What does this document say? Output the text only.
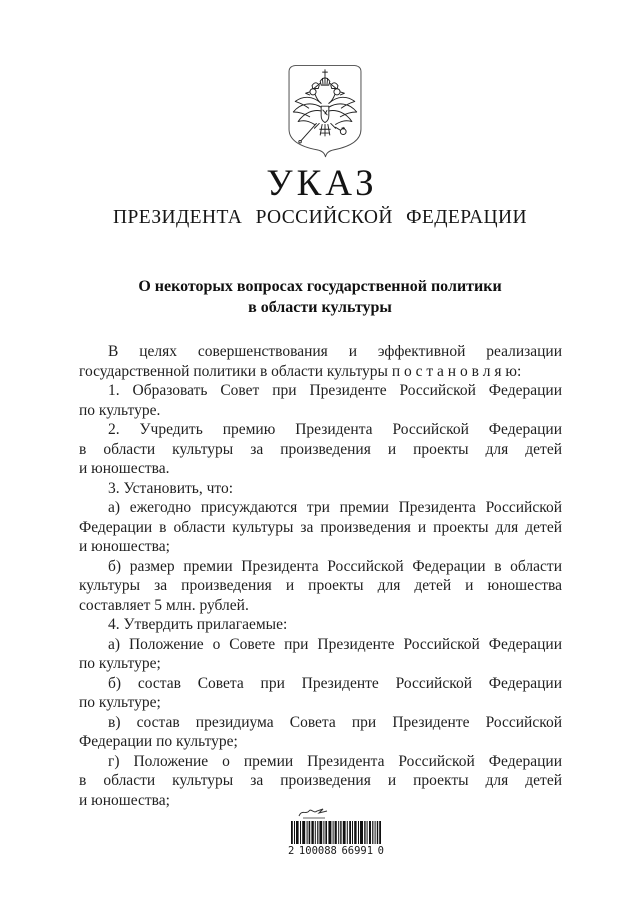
УКАЗ
ПРЕЗИДЕНТА РОССИЙСКОЙ ФЕДЕРАЦИИ
О некоторых вопросах государственной политики
в области культуры
В целях совершенствования и эффективной реализации
государственной политики в области культуры п о с т а н о в л я ю:
1. Образовать Совет при Президенте Российской Федерации
по культуре.
2. Учредить премию Президента Российской Федерации
в области культуры за произведения и проекты для детей
и юношества.
3. Установить, что:
а) ежегодно присуждаются три премии Президента Российской
Федерации в области культуры за произведения и проекты для детей
и юношества;
б) размер премии Президента Российской Федерации в области
культуры за произведения и проекты для детей и юношества
составляет 5 млн. рублей.
4. Утвердить прилагаемые:
а) Положение о Совете при Президенте Российской Федерации
по культуре;
б) состав Совета при Президенте Российской Федерации
по культуре;
в) состав президиума Совета при Президенте Российской
Федерации по культуре;
г) Положение о премии Президента Российской Федерации
в области культуры за произведения и проекты для детей
и юношества;
2 100088 66991 0
